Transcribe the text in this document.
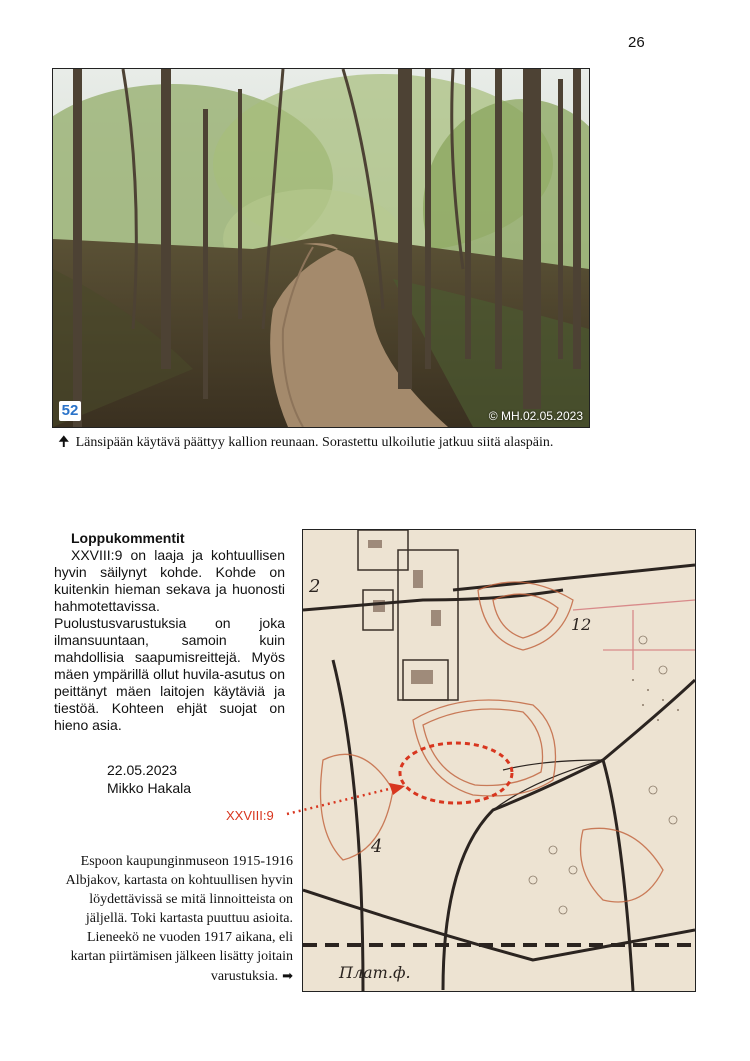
26
52	© MH.02.05.2023
🠉 Länsipään käytävä päättyy kallion reunaan. Sorastettu ulkoilutie jatkuu siitä alaspäin.
Loppukommentit

XXVIII:9 on laaja ja kohtuullisen hyvin säilynyt kohde. Kohde on kuitenkin hieman sekava ja huonosti hahmotettavissa. Puolustusvarustuksia on joka ilmansuuntaan, samoin kuin mahdollisia saapumisreittejä. Myös mäen ympärillä ollut huvila-asutus on peittänyt mäen laitojen käytäviä ja tiestöä. Kohteen ehjät suojat on hieno asia.

22.05.2023
Mikko Hakala
XXVIII:9
Espoon kaupunginmuseon 1915-1916 Albjakov, kartasta on kohtuullisen hyvin löydettävissä se mitä linnoitteista on jäljellä. Toki kartasta puuttuu asioita. Lieneekö ne vuoden 1917 aikana, eli kartan piirtämisen jälkeen lisätty joitain varustuksia. ➡
2
12
4
Плат.ф.
